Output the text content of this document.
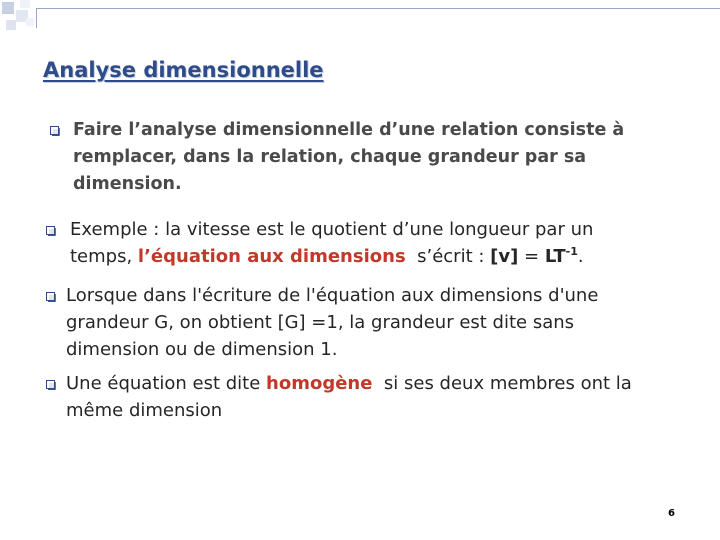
Analyse dimensionnelle
Faire l’analyse dimensionnelle d’une relation consiste à
remplacer, dans la relation, chaque grandeur par sa
dimension.
Exemple : la vitesse est le quotient d’une longueur par un
temps, l’équation aux dimensions  s’écrit : $[v] = LT^{-1}$.
Lorsque dans l'écriture de l'équation aux dimensions d'une
grandeur G, on obtient [G] =1, la grandeur est dite sans
dimension ou de dimension 1.
Une équation est dite homogène  si ses deux membres ont la
même dimension
6
